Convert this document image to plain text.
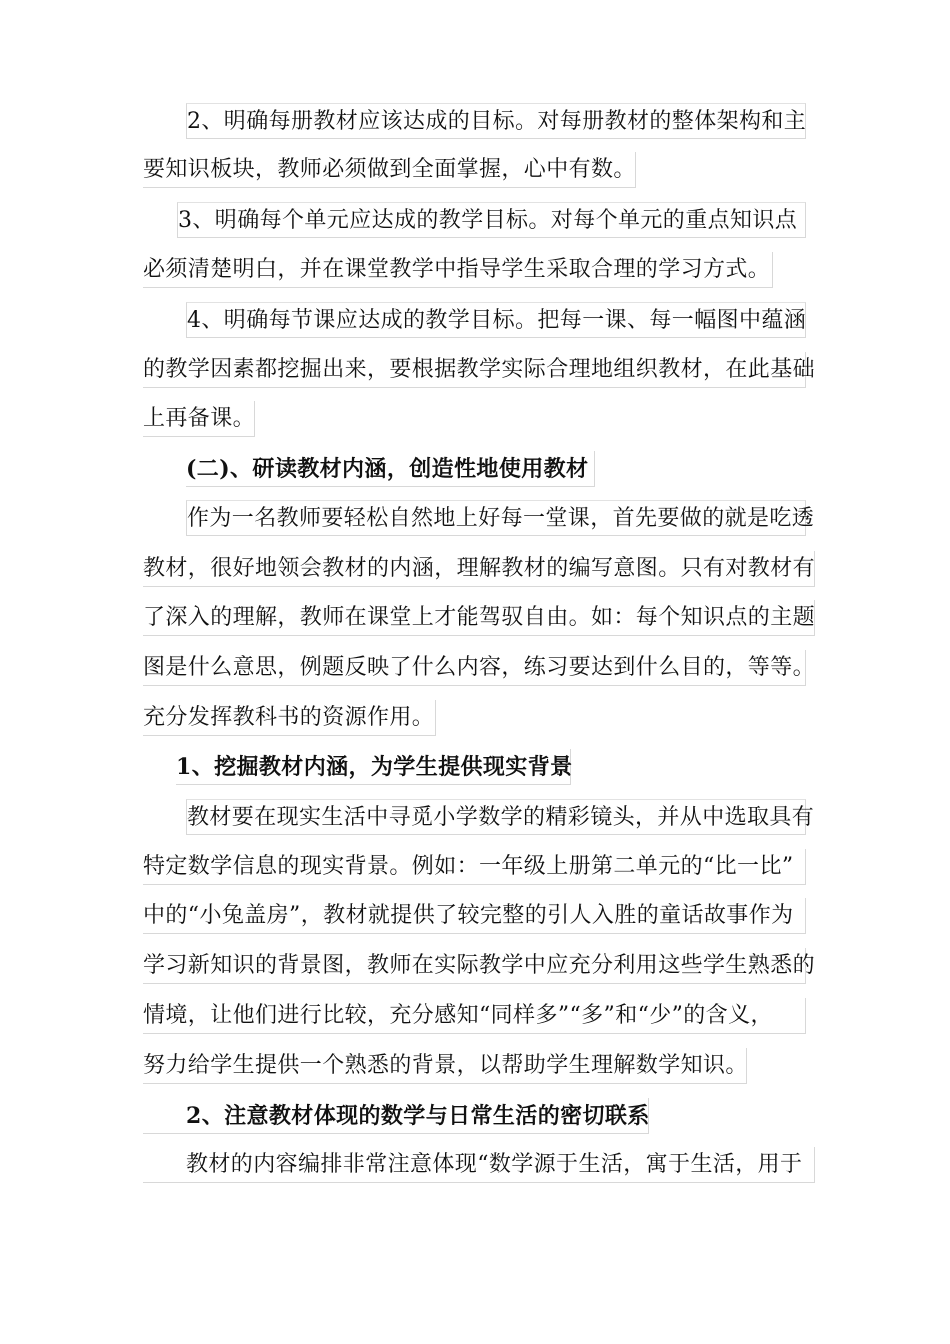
2、明确每册教材应该达成的目标。对每册教材的整体架构和主
要知识板块，教师必须做到全面掌握，心中有数。
3、明确每个单元应达成的教学目标。对每个单元的重点知识点
必须清楚明白，并在课堂教学中指导学生采取合理的学习方式。
4、明确每节课应达成的教学目标。把每一课、每一幅图中蕴涵
的教学因素都挖掘出来，要根据教学实际合理地组织教材，在此基础
上再备课。
(二)、研读教材内涵，创造性地使用教材
作为一名教师要轻松自然地上好每一堂课，首先要做的就是吃透
教材，很好地领会教材的内涵，理解教材的编写意图。只有对教材有
了深入的理解，教师在课堂上才能驾驭自由。如：每个知识点的主题
图是什么意思，例题反映了什么内容，练习要达到什么目的，等等。
充分发挥教科书的资源作用。
1、挖掘教材内涵，为学生提供现实背景
教材要在现实生活中寻觅小学数学的精彩镜头，并从中选取具有
特定数学信息的现实背景。例如：一年级上册第二单元的“比一比”
中的“小兔盖房”，教材就提供了较完整的引人入胜的童话故事作为
学习新知识的背景图，教师在实际教学中应充分利用这些学生熟悉的
情境，让他们进行比较，充分感知“同样多”“多”和“少”的含义，
努力给学生提供一个熟悉的背景，以帮助学生理解数学知识。
2、注意教材体现的数学与日常生活的密切联系
教材的内容编排非常注意体现“数学源于生活，寓于生活，用于
